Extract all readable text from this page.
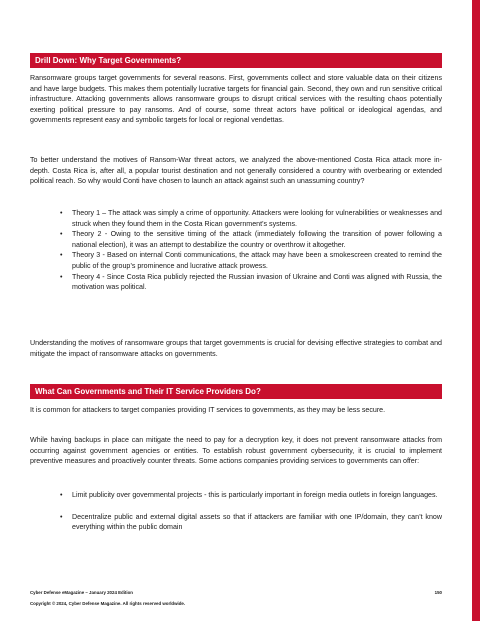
Drill Down: Why Target Governments?

Ransomware groups target governments for several reasons. First, governments collect and store valuable data on their citizens and have large budgets. This makes them potentially lucrative targets for financial gain. Second, they own and run sensitive critical infrastructure. Attacking governments allows ransomware groups to disrupt critical services with the resulting chaos potentially exerting political pressure to pay ransoms. And of course, some threat actors have political or ideological agendas, and governments represent easy and symbolic targets for local or regional vendettas.

To better understand the motives of Ransom-War threat actors, we analyzed the above-mentioned Costa Rica attack more in-depth. Costa Rica is, after all, a popular tourist destination and not generally considered a country with overbearing or extended political reach. So why would Conti have chosen to launch an attack against such an unassuming country?

• Theory 1 – The attack was simply a crime of opportunity. Attackers were looking for vulnerabilities or weaknesses and struck when they found them in the Costa Rican government’s systems.
• Theory 2 - Owing to the sensitive timing of the attack (immediately following the transition of power following a national election), it was an attempt to destabilize the country or overthrow it altogether.
• Theory 3 - Based on internal Conti communications, the attack may have been a smokescreen created to remind the public of the group’s prominence and lucrative attack prowess.
• Theory 4 - Since Costa Rica publicly rejected the Russian invasion of Ukraine and Conti was aligned with Russia, the motivation was political.

Understanding the motives of ransomware groups that target governments is crucial for devising effective strategies to combat and mitigate the impact of ransomware attacks on governments.

What Can Governments and Their IT Service Providers Do?

It is common for attackers to target companies providing IT services to governments, as they may be less secure.

While having backups in place can mitigate the need to pay for a decryption key, it does not prevent ransomware attacks from occurring against government agencies or entities. To establish robust government cybersecurity, it is crucial to implement preventive measures and proactively counter threats. Some actions companies providing services to governments can offer:

• Limit publicity over governmental projects - this is particularly important in foreign media outlets in foreign languages.
• Decentralize public and external digital assets so that if attackers are familiar with one IP/domain, they can’t know everything within the public domain
Cyber Defense eMagazine – January 2024 Edition	150
Copyright © 2024, Cyber Defense Magazine. All rights reserved worldwide.
